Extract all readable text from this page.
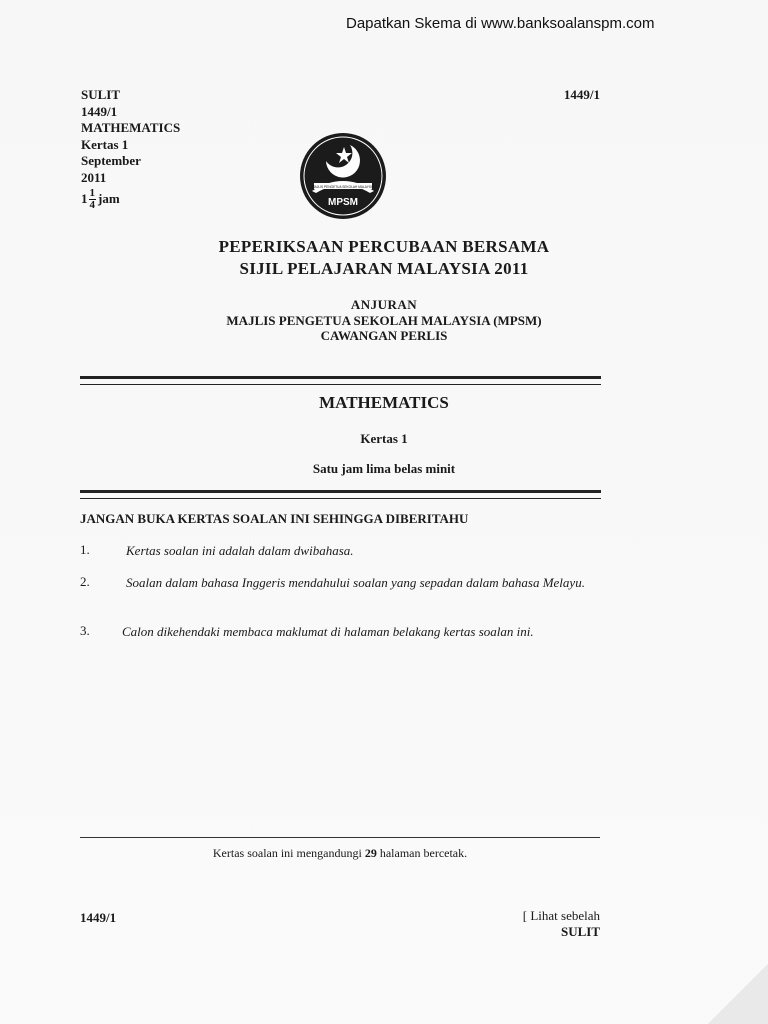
Dapatkan Skema di www.banksoalanspm.com
SULIT
1449/1
MATHEMATICS
Kertas 1
September
2011
$1 \frac{1}{4}$ jam
1449/1
MAJLIS PENGETUA SEKOLAH MALAYSIA
MPSM
PEPERIKSAAN PERCUBAAN BERSAMA
SIJIL PELAJARAN MALAYSIA 2011
ANJURAN
MAJLIS PENGETUA SEKOLAH MALAYSIA (MPSM)
CAWANGAN PERLIS
MATHEMATICS
Kertas 1
Satu jam lima belas minit
JANGAN BUKA KERTAS SOALAN INI SEHINGGA DIBERITAHU
1.	Kertas soalan ini adalah dalam dwibahasa.
2.	Soalan dalam bahasa Inggeris mendahului soalan yang sepadan dalam bahasa Melayu.
3. Calon dikehendaki membaca maklumat di halaman belakang kertas soalan ini.
Kertas soalan ini mengandungi 29 halaman bercetak.
1449/1	[ Lihat sebelah
SULIT
